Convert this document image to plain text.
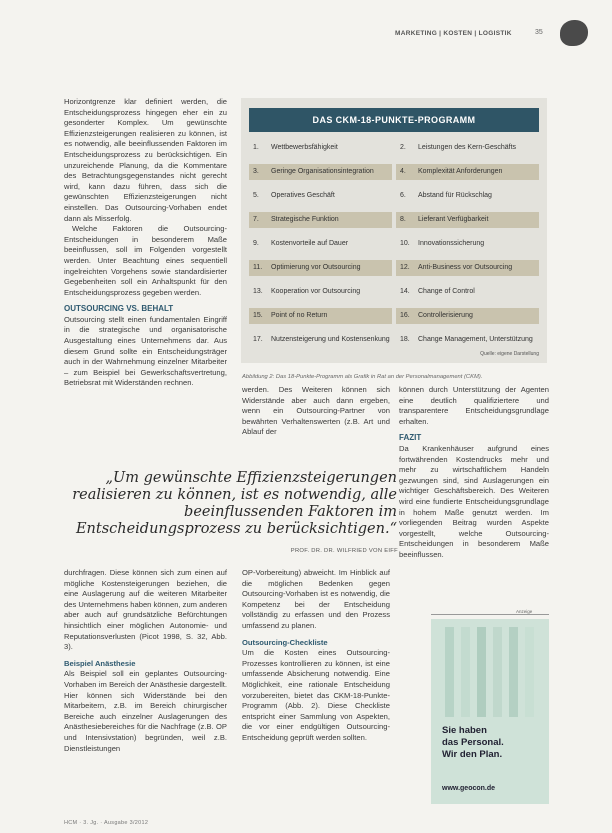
MARKETING | KOSTEN | LOGISTIK	35

Horizontgrenze klar definiert werden, die Entscheidungsprozess hingegen eher ein zu gesonderter Komplex. Um gewünschte Effizienzsteigerungen realisieren zu können, ist es notwendig, alle beeinflussenden Faktoren im Entscheidungsprozess zu berücksichtigen. Ein unzureichende Planung, da die Kommentare des Betrachtungsgegenstandes nicht gerecht wird, kann dazu führen, dass sich die gewünschten Effizienzsteigerungen nicht einstellen. Das Outsourcing-Vorhaben endet dann als Misserfolg.

Welche Faktoren die Outsourcing-Entscheidungen in besonderem Maße beeinflussen, soll im Folgenden vorgestellt werden. Unter Beachtung eines sequentiell ingelreichten Vorgehens sowie standardisierter Gegebenheiten soll ein Anhaltspunkt für den Entscheidungsprozess gegeben werden.

OUTSOURCING VS. BEHALT

Outsourcing stellt einen fundamentalen Eingriff in die strategische und organisatorische Ausgestaltung eines Unternehmens dar. Aus diesem Grund sollte ein Entscheidungsträger auch in der Wahrnehmung einzelner Mitarbeiter – zum Beispiel bei Gewerkschaftsvertretung, Betriebsrat mit Widerständen rechnen.

DAS CKM-18-PUNKTE-PROGRAMM
1.	Wettbewerbsfähigkeit	2.	Leistungen des Kern-Geschäfts
3.	Geringe Organisationsintegration	4.	Komplexität Anforderungen
5.	Operatives Geschäft	6.	Abstand für Rückschlag
7.	Strategische Funktion	8.	Lieferant Verfügbarkeit
9.	Kostenvorteile auf Dauer	10.	Innovationssicherung
11.	Optimierung vor Outsourcing	12.	Anti-Business vor Outsourcing
13.	Kooperation vor Outsourcing	14.	Change of Control
15.	Point of no Return	16.	Controllerisierung
17.	Nutzensteigerung und Kostensenkung 18.	Change Management, Unterstützung
Quelle: eigene Darstellung
Abbildung 2: Das 18-Punkte-Programm als Grafik in Rat an der Personalmanagement (CKM).

werden. Des Weiteren können sich Widerstände aber auch dann ergeben, wenn ein Outsourcing-Partner von bewährten Verhaltenswerten (z.B. Art und Ablauf der

können durch Unterstützung der Agenten eine deutlich qualifiziertere und transparentere Entscheidungsgrundlage erhalten.

FAZIT

Da Krankenhäuser aufgrund eines fortwährenden Kostendrucks mehr und mehr zu wirtschaftlichem Handeln gezwungen sind, sind Auslagerungen ein wichtiger Geschäftsbereich. Des Weiteren wird eine fundierte Entscheidungsgrundlage in hohem Maße genutzt werden. Im vorliegenden Beitrag wurden Aspekte vorgestellt, welche Outsourcing-Entscheidungen in besonderem Maße beeinflussen.

„Um gewünschte Effizienzsteigerungen realisieren zu können, ist es notwendig, alle beeinflussenden Faktoren im Entscheidungsprozess zu berücksichtigen.“
PROF. DR. DR. WILFRIED VON EIFF

durchfragen. Diese können sich zum einen auf mögliche Kostensteigerungen beziehen, die eine Auslagerung auf die weiteren Mitarbeiter des Unternehmens haben können, zum anderen aber auch auf grundsätzliche Befürchtungen hinsichtlich einer möglichen Autonomie- und Reputationsverlusten (Picot 1998, S. 32, Abb. 3).

Beispiel Anästhesie

Als Beispiel soll ein geplantes Outsourcing-Vorhaben im Bereich der Anästhesie dargestellt. Hier können sich Widerstände bei den Mitarbeitern, z.B. im Bereich chirurgischer Bereiche auch einzelner Auslagerungen des Anästhesiebereiches für die Nachfrage (z.B. OP und Intensivstation) begründen, weil z.B. Dienstleistungen

OP-Vorbereitung) abweicht. Im Hinblick auf die möglichen Bedenken gegen Outsourcing-Vorhaben ist es notwendig, die Kompetenz bei der Entscheidung vollständig zu erfassen und den Prozess umfassend zu planen.

Outsourcing-Checkliste

Um die Kosten eines Outsourcing-Prozesses kontrollieren zu können, ist eine umfassende Absicherung notwendig. Eine Möglichkeit, eine rationale Entscheidung vorzubereiten, bietet das CKM-18-Punkte-Programm (Abb. 2). Diese Checkliste entspricht einer Sammlung von Aspekten, die vor einer endgültigen Outsourcing-Entscheidung geprüft werden sollten.

Anzeige
Sie haben
das Personal.
Wir den Plan.
www.geocon.de
HCM · 3. Jg. · Ausgabe 3/2012
